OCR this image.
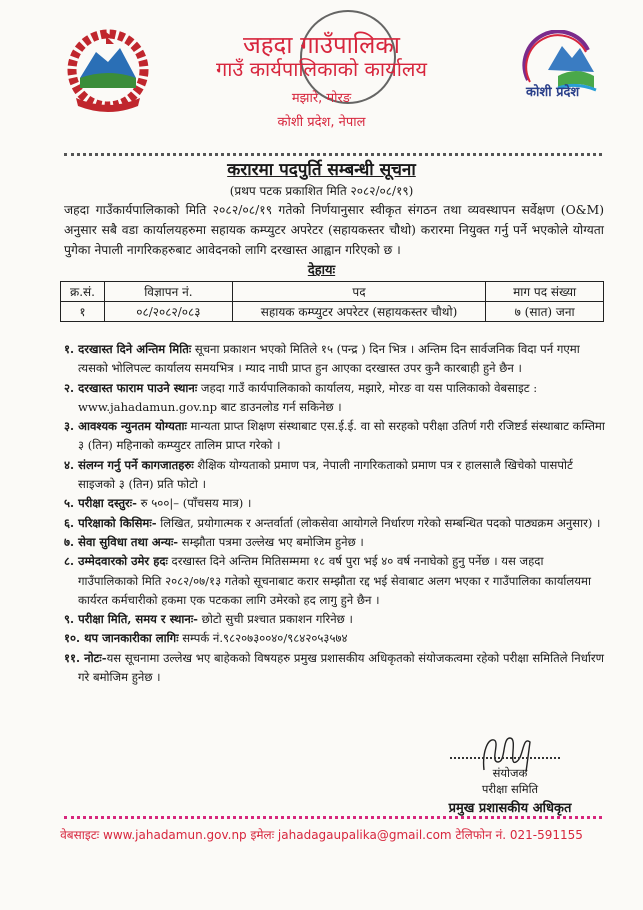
जहदा गाउँपालिका
गाउँ कार्यपालिकाको कार्यालय
मझारे, मोरङ
कोशी प्रदेश, नेपाल
कोशी प्रदेश
करारमा पदपुर्ति सम्बन्धी सूचना
(प्रथप पटक प्रकाशित मिति २०८२/०८/१९)
जहदा गाउँकार्यपालिकाको मिति २०८२/०८/१९ गतेको निर्णयानुसार स्वीकृत संगठन तथा व्यवस्थापन सर्वेक्षण (O&M) अनुसार सबै वडा कार्यालयहरुमा सहायक कम्प्युटर अपरेटर (सहायकस्तर चौथो) करारमा नियुक्त गर्नु पर्ने भएकोले योग्यता पुगेका नेपाली नागरिकहरुबाट आवेदनको लागि दरखास्त आह्वान गरिएको छ ।
देहायः
क्र.सं.	विज्ञापन नं.	पद	माग पद संख्या
१	०८/२०८२/०८३	सहायक कम्प्युटर अपरेटर (सहायकस्तर चौथो)	७ (सात) जना
१. दरखास्त दिने अन्तिम मितिः सूचना प्रकाशन भएको मितिले १५ (पन्द्र ) दिन भित्र । अन्तिम दिन सार्वजनिक विदा पर्न गएमा त्यसको भोलिपल्ट कार्यालय समयभित्र । म्याद नाघी प्राप्त हुन आएका दरखास्त उपर कुनै कारबाही हुने छैन ।
२. दरखास्त फाराम पाउने स्थानः जहदा गाउँ कार्यपालिकाको कार्यालय, मझारे, मोरङ वा यस पालिकाको वेबसाइट : www.jahadamun.gov.np बाट डाउनलोड गर्न सकिनेछ ।
३. आवश्यक न्युनतम योग्यताः मान्यता प्राप्त शिक्षण संस्थाबाट एस.ई.ई. वा सो सरहको परीक्षा उतिर्ण गरी रजिष्टर्ड संस्थाबाट कम्तिमा ३ (तिन) महिनाको कम्प्युटर तालिम प्राप्त गरेको ।
४. संलग्न गर्नु पर्ने कागजातहरुः शैक्षिक योग्यताको प्रमाण पत्र, नेपाली नागरिकताको प्रमाण पत्र र हालसालै खिचेको पासपोर्ट साइजको ३ (तिन) प्रति फोटो ।
५. परीक्षा दस्तुरः- रु ५००|– (पाँचसय मात्र) ।
६. परिक्षाको किसिमः- लिखित, प्रयोगात्मक र अन्तर्वार्ता (लोकसेवा आयोगले निर्धारण गरेको सम्बन्धित पदको पाठ्यक्रम अनुसार) ।
७. सेवा सुविधा तथा अन्यः- सम्झौता पत्रमा उल्लेख भए बमोजिम हुनेछ ।
८. उम्मेदवारको उमेर हदः दरखास्त दिने अन्तिम मितिसम्ममा १८ वर्ष पुरा भई ४० वर्ष ननाघेको हुनु पर्नेछ । यस जहदा गाउँपालिकाको मिति २०८२/०७/१३ गतेको सूचनाबाट करार सम्झौता रद्द भई सेवाबाट अलग भएका र गाउँपालिका कार्यालयमा कार्यरत कर्मचारीको हकमा एक पटकका लागि उमेरको हद लागु हुने छैन ।
९. परीक्षा मिति, समय र स्थानः- छोटो सुची प्रश्चात प्रकाशन गरिनेछ ।
१०. थप जानकारीका लागिः सम्पर्क नं.९८२०७३००४०/९८४२०५३५७४
११. नोटः-यस सूचनामा उल्लेख भए बाहेकको विषयहरु प्रमुख प्रशासकीय अधिकृतको संयोजकत्वमा रहेको परीक्षा समितिले निर्धारण गरे बमोजिम हुनेछ ।
संयोजक
परीक्षा समिति
प्रमुख प्रशासकीय अधिकृत
वेबसाइटः www.jahadamun.gov.np इमेलः jahadagaupalika@gmail.com टेलिफोन नं. 021-591155
